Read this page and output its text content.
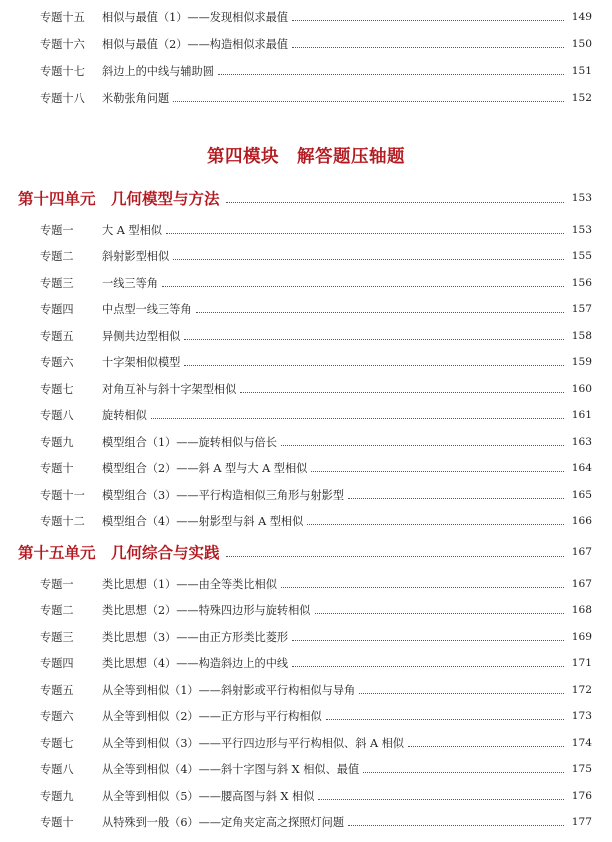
专题十五	相似与最值（1）——发现相似求最值	149
专题十六	相似与最值（2）——构造相似求最值	150
专题十七	斜边上的中线与辅助圆	151
专题十八	米勒张角问题	152
第四模块　解答题压轴题
第十四单元　几何模型与方法	153
专题一	大 A 型相似	153
专题二	斜射影型相似	155
专题三	一线三等角	156
专题四	中点型一线三等角	157
专题五	异侧共边型相似	158
专题六	十字架相似模型	159
专题七	对角互补与斜十字架型相似	160
专题八	旋转相似	161
专题九	模型组合（1）——旋转相似与倍长	163
专题十	模型组合（2）——斜 A 型与大 A 型相似	164
专题十一	模型组合（3）——平行构造相似三角形与射影型	165
专题十二	模型组合（4）——射影型与斜 A 型相似	166
第十五单元　几何综合与实践	167
专题一	类比思想（1）——由全等类比相似	167
专题二	类比思想（2）——特殊四边形与旋转相似	168
专题三	类比思想（3）——由正方形类比菱形	169
专题四	类比思想（4）——构造斜边上的中线	171
专题五	从全等到相似（1）——斜射影或平行构相似与导角	172
专题六	从全等到相似（2）——正方形与平行构相似	173
专题七	从全等到相似（3）——平行四边形与平行构相似、斜 A 相似	174
专题八	从全等到相似（4）——斜十字图与斜 X 相似、最值	175
专题九	从全等到相似（5）——腰高图与斜 X 相似	176
专题十	从特殊到一般（6）——定角夹定高之探照灯问题	177
